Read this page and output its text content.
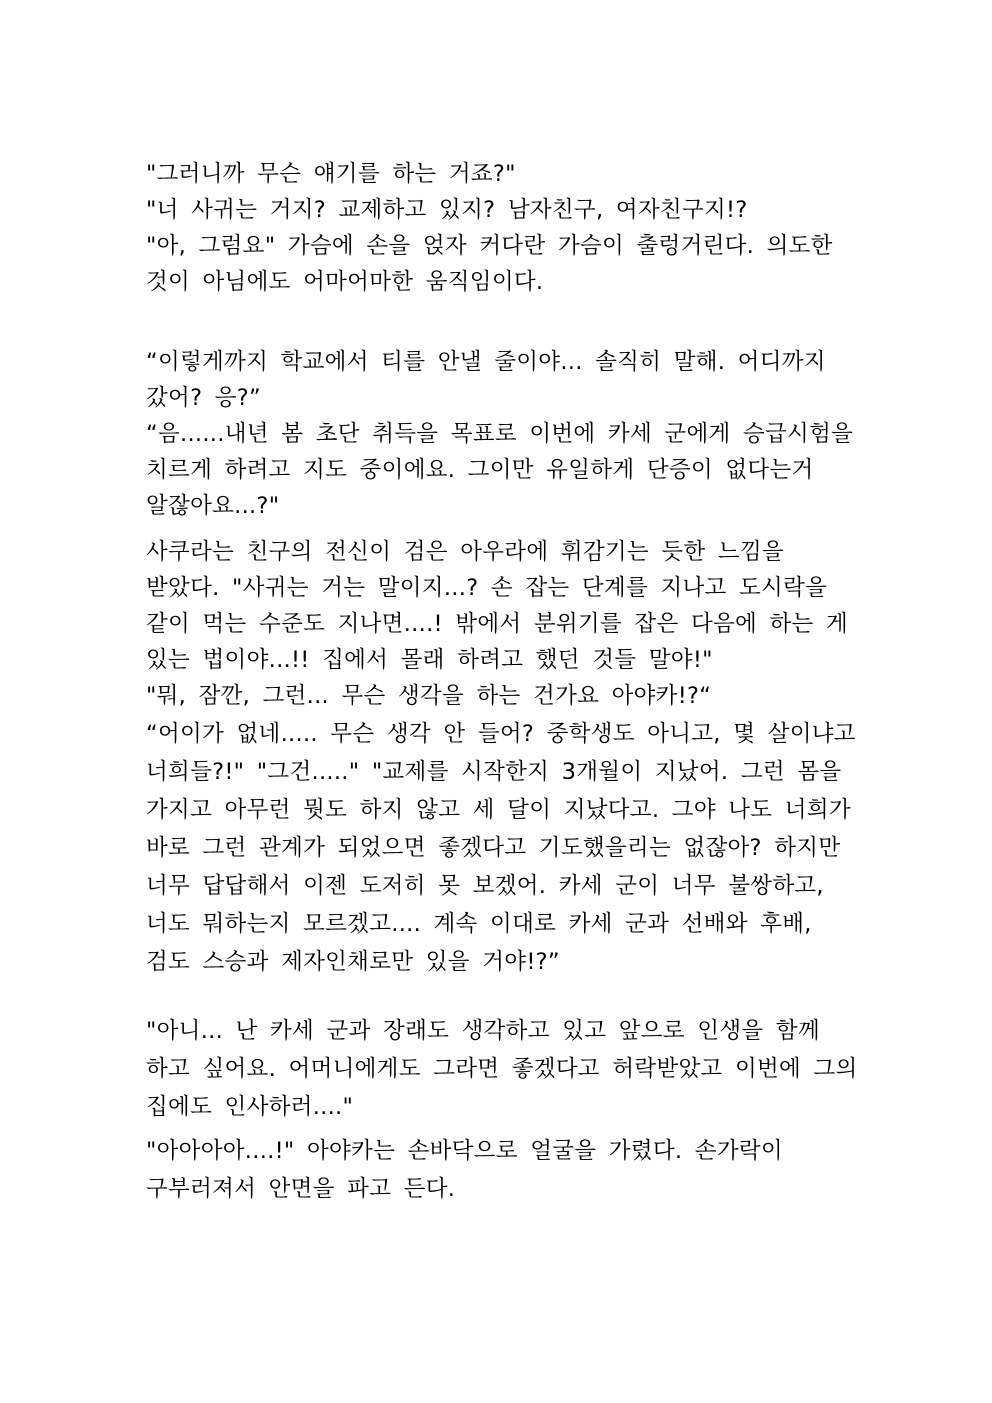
"그러니까 무슨 얘기를 하는 거죠?"
"너 사귀는 거지? 교제하고 있지? 남자친구, 여자친구지!?
"아, 그럼요" 가슴에 손을 얹자 커다란 가슴이 출렁거린다. 의도한
것이 아님에도 어마어마한 움직임이다.
“이렇게까지 학교에서 티를 안낼 줄이야... 솔직히 말해. 어디까지
갔어? 응?”
“음......내년 봄 초단 취득을 목표로 이번에 카세 군에게 승급시험을
치르게 하려고 지도 중이에요. 그이만 유일하게 단증이 없다는거
알잖아요...?"
사쿠라는 친구의 전신이 검은 아우라에 휘감기는 듯한 느낌을
받았다. "사귀는 거는 말이지...? 손 잡는 단계를 지나고 도시락을
같이 먹는 수준도 지나면....! 밖에서 분위기를 잡은 다음에 하는 게
있는 법이야...!! 집에서 몰래 하려고 했던 것들 말야!"
"뭐, 잠깐, 그런... 무슨 생각을 하는 건가요 아야카!?“
“어이가 없네..... 무슨 생각 안 들어? 중학생도 아니고, 몇 살이냐고
너희들?!" "그건....." "교제를 시작한지 3개월이 지났어. 그런 몸을
가지고 아무런 뭣도 하지 않고 세 달이 지났다고. 그야 나도 너희가
바로 그런 관계가 되었으면 좋겠다고 기도했을리는 없잖아? 하지만
너무 답답해서 이젠 도저히 못 보겠어. 카세 군이 너무 불쌍하고,
너도 뭐하는지 모르겠고.... 계속 이대로 카세 군과 선배와 후배,
검도 스승과 제자인채로만 있을 거야!?”
"아니... 난 카세 군과 장래도 생각하고 있고 앞으로 인생을 함께
하고 싶어요. 어머니에게도 그라면 좋겠다고 허락받았고 이번에 그의
집에도 인사하러...."
"아아아아....!" 아야카는 손바닥으로 얼굴을 가렸다. 손가락이
구부러져서 안면을 파고 든다.
